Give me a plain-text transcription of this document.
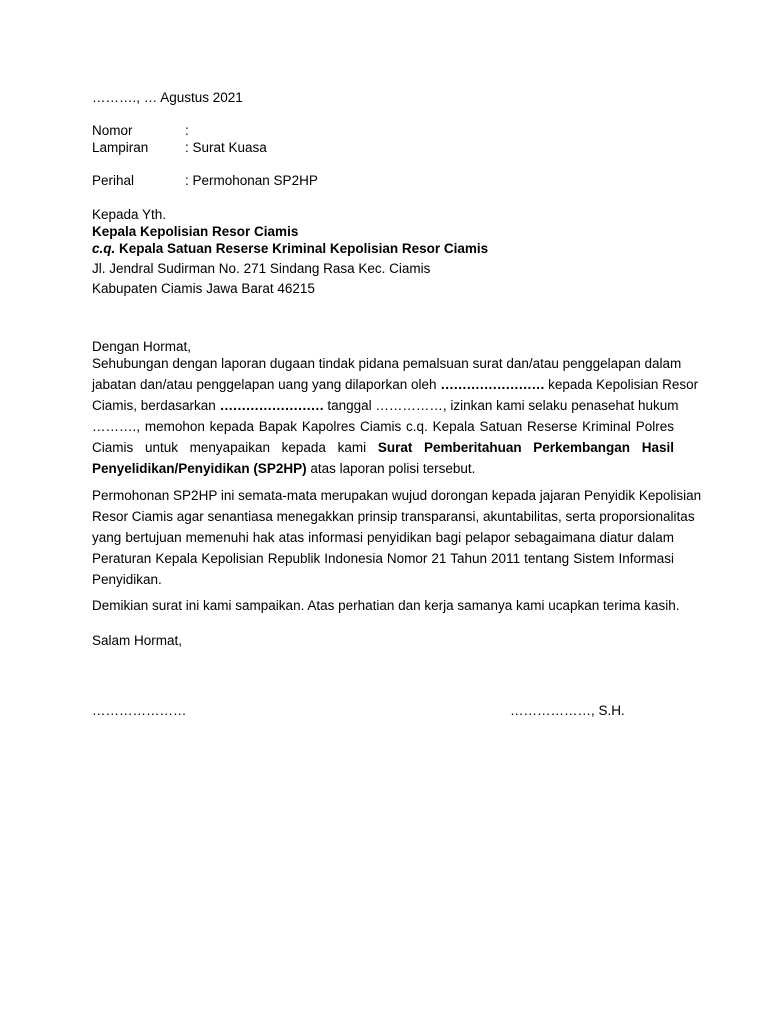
………., … Agustus 2021
Nomor	:
Lampiran	: Surat Kuasa
Perihal	: Permohonan SP2HP
Kepada Yth.
Kepala Kepolisian Resor Ciamis
c.q. Kepala Satuan Reserse Kriminal Kepolisian Resor Ciamis
Jl. Jendral Sudirman No. 271 Sindang Rasa Kec. Ciamis
Kabupaten Ciamis Jawa Barat 46215
Dengan Hormat,
Sehubungan dengan laporan dugaan tindak pidana pemalsuan surat dan/atau penggelapan dalam
jabatan dan/atau penggelapan uang yang dilaporkan oleh …………………… kepada Kepolisian Resor
Ciamis, berdasarkan …………………… tanggal ……………, izinkan kami selaku penasehat hukum
………., memohon kepada Bapak Kapolres Ciamis c.q. Kepala Satuan Reserse Kriminal Polres
Ciamis untuk menyapaikan kepada kami Surat Pemberitahuan Perkembangan Hasil
Penyelidikan/Penyidikan (SP2HP) atas laporan polisi tersebut.
Permohonan SP2HP ini semata-mata merupakan wujud dorongan kepada jajaran Penyidik Kepolisian
Resor Ciamis agar senantiasa menegakkan prinsip transparansi, akuntabilitas, serta proporsionalitas
yang bertujuan memenuhi hak atas informasi penyidikan bagi pelapor sebagaimana diatur dalam
Peraturan Kepala Kepolisian Republik Indonesia Nomor 21 Tahun 2011 tentang Sistem Informasi
Penyidikan.
Demikian surat ini kami sampaikan. Atas perhatian dan kerja samanya kami ucapkan terima kasih.
Salam Hormat,
…………………	………………, S.H.
